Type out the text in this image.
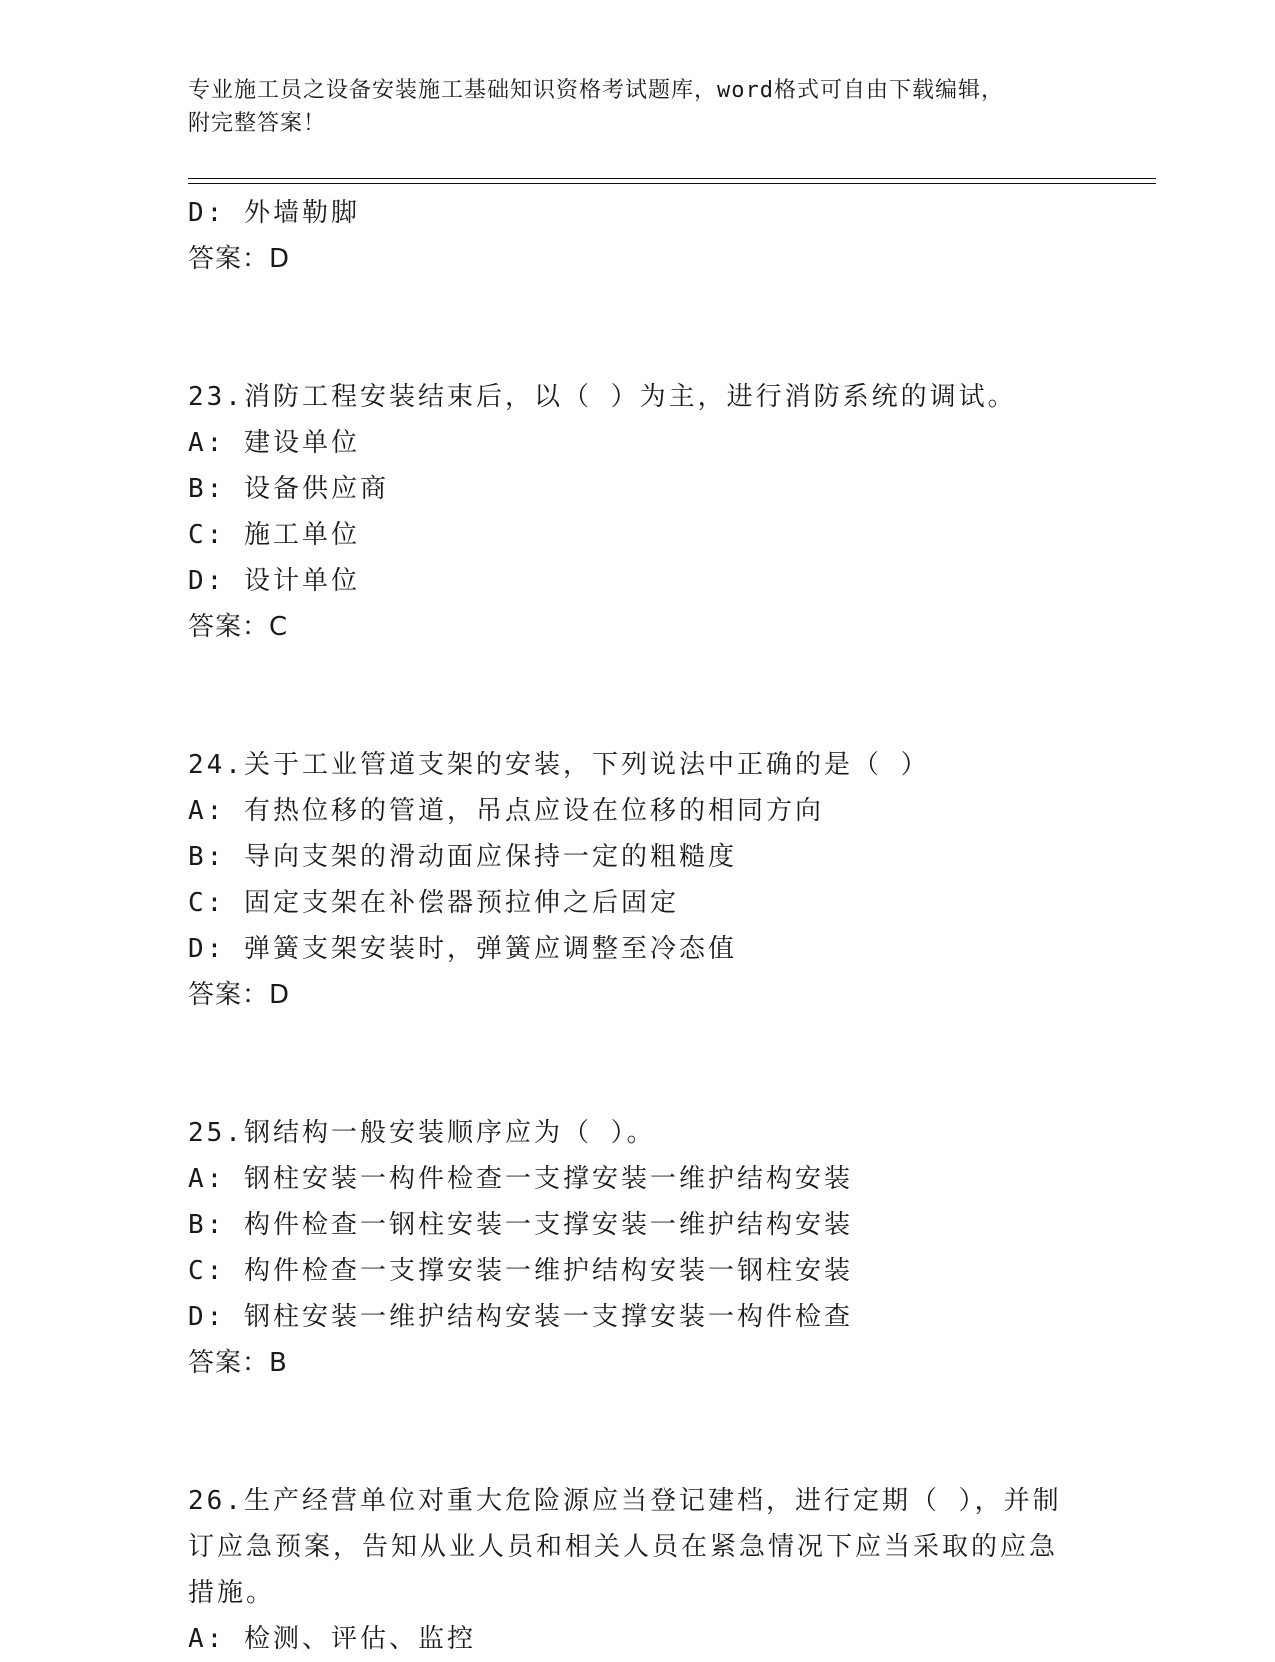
专业施工员之设备安装施工基础知识资格考试题库，word格式可自由下载编辑，
附完整答案！
D: 外墙勒脚
答案：D
23.消防工程安装结束后，以（ ）为主，进行消防系统的调试。
A: 建设单位
B: 设备供应商
C: 施工单位
D: 设计单位
答案：C
24.关于工业管道支架的安装，下列说法中正确的是（ ）
A: 有热位移的管道，吊点应设在位移的相同方向
B: 导向支架的滑动面应保持一定的粗糙度
C: 固定支架在补偿器预拉伸之后固定
D: 弹簧支架安装时，弹簧应调整至冷态值
答案：D
25.钢结构一般安装顺序应为（ ）。
A: 钢柱安装一构件检查一支撑安装一维护结构安装
B: 构件检查一钢柱安装一支撑安装一维护结构安装
C: 构件检查一支撑安装一维护结构安装一钢柱安装
D: 钢柱安装一维护结构安装一支撑安装一构件检查
答案：B
26.生产经营单位对重大危险源应当登记建档，进行定期（ ），并制
订应急预案，告知从业人员和相关人员在紧急情况下应当采取的应急
措施。
A: 检测、评估、监控
